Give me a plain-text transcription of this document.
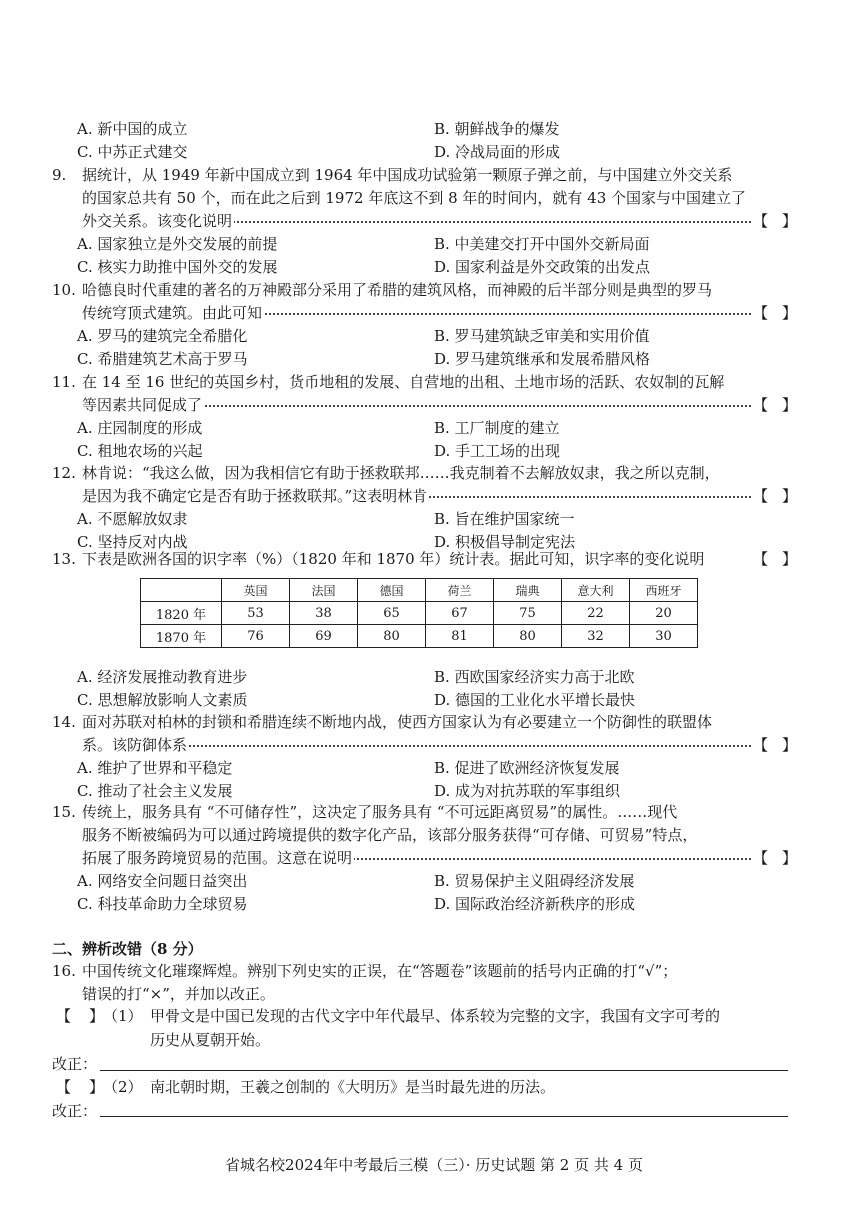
A. 新中国的成立	B. 朝鲜战争的爆发
C. 中苏正式建交	D. 冷战局面的形成
9. 据统计，从 1949 年新中国成立到 1964 年中国成功试验第一颗原子弹之前，与中国建立外交关系
的国家总共有 50 个，而在此之后到 1972 年底这不到 8 年的时间内，就有 43 个国家与中国建立了
外交关系。该变化说明	【 】
A. 国家独立是外交发展的前提	B. 中美建交打开中国外交新局面
C. 核实力助推中国外交的发展	D. 国家利益是外交政策的出发点
10. 哈德良时代重建的著名的万神殿部分采用了希腊的建筑风格，而神殿的后半部分则是典型的罗马
传统穹顶式建筑。由此可知	【 】
A. 罗马的建筑完全希腊化	B. 罗马建筑缺乏审美和实用价值
C. 希腊建筑艺术高于罗马	D. 罗马建筑继承和发展希腊风格
11. 在 14 至 16 世纪的英国乡村，货币地租的发展、自营地的出租、土地市场的活跃、农奴制的瓦解
等因素共同促成了	【 】
A. 庄园制度的形成	B. 工厂制度的建立
C. 租地农场的兴起	D. 手工工场的出现
12. 林肯说：“我这么做，因为我相信它有助于拯救联邦……我克制着不去解放奴隶，我之所以克制，
是因为我不确定它是否有助于拯救联邦。”这表明林肯	【 】
A. 不愿解放奴隶	B. 旨在维护国家统一
C. 坚持反对内战	D. 积极倡导制定宪法
13. 下表是欧洲各国的识字率（%）（1820 年和 1870 年）统计表。据此可知，识字率的变化说明	【 】
	英国	法国	德国	荷兰	瑞典	意大利	西班牙
1820 年	53	38	65	67	75	22	20
1870 年	76	69	80	81	80	32	30
A. 经济发展推动教育进步	B. 西欧国家经济实力高于北欧
C. 思想解放影响人文素质	D. 德国的工业化水平增长最快
14. 面对苏联对柏林的封锁和希腊连续不断地内战，使西方国家认为有必要建立一个防御性的联盟体
系。该防御体系	【 】
A. 维护了世界和平稳定	B. 促进了欧洲经济恢复发展
C. 推动了社会主义发展	D. 成为对抗苏联的军事组织
15. 传统上，服务具有 “不可储存性”，这决定了服务具有 “不可远距离贸易”的属性。……现代
服务不断被编码为可以通过跨境提供的数字化产品，该部分服务获得“可存储、可贸易”特点，
拓展了服务跨境贸易的范围。这意在说明	【 】
A. 网络安全问题日益突出	B. 贸易保护主义阻碍经济发展
C. 科技革命助力全球贸易	D. 国际政治经济新秩序的形成
二、辨析改错（8 分）
16. 中国传统文化璀璨辉煌。辨别下列史实的正误，在“答题卷”该题前的括号内正确的打“√”；
错误的打“×”，并加以改正。
【 】
（1） 甲骨文是中国已发现的古代文字中年代最早、体系较为完整的文字，我国有文字可考的
历史从夏朝开始。
改正：
【 】
（2） 南北朝时期，王羲之创制的《大明历》是当时最先进的历法。
改正：
省城名校2024年中考最后三模（三）· 历史试题 第 2 页 共 4 页
